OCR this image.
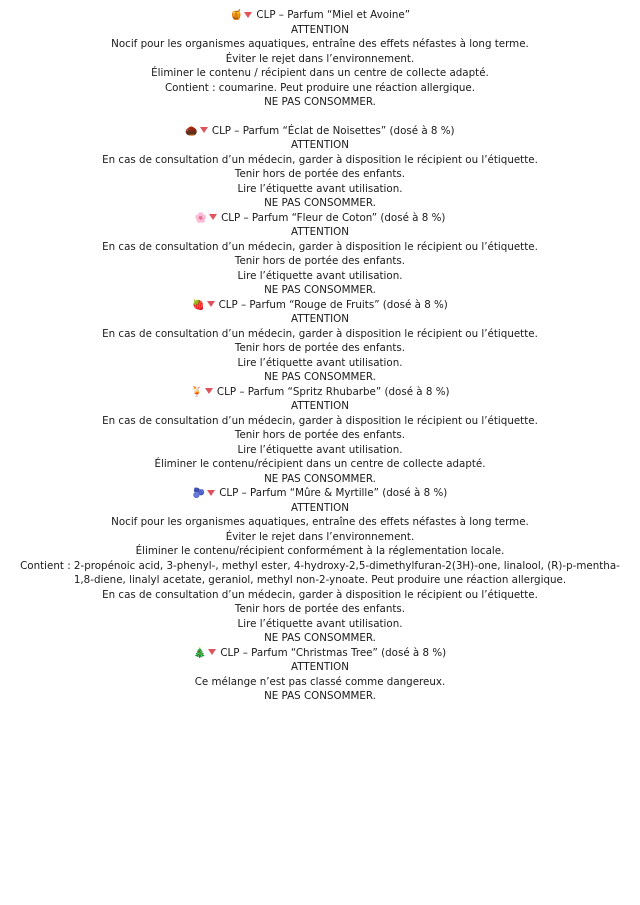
🍯 CLP – Parfum “Miel et Avoine”
ATTENTION
Nocif pour les organismes aquatiques, entraîne des effets néfastes à long terme.
Éviter le rejet dans l’environnement.
Éliminer le contenu / récipient dans un centre de collecte adapté.
Contient : coumarine. Peut produire une réaction allergique.
NE PAS CONSOMMER.
🌰 CLP – Parfum “Éclat de Noisettes” (dosé à 8 %)
ATTENTION
En cas de consultation d’un médecin, garder à disposition le récipient ou l’étiquette.
Tenir hors de portée des enfants.
Lire l’étiquette avant utilisation.
NE PAS CONSOMMER.
🌸 CLP – Parfum “Fleur de Coton” (dosé à 8 %)
ATTENTION
En cas de consultation d’un médecin, garder à disposition le récipient ou l’étiquette.
Tenir hors de portée des enfants.
Lire l’étiquette avant utilisation.
NE PAS CONSOMMER.
🍓 CLP – Parfum “Rouge de Fruits” (dosé à 8 %)
ATTENTION
En cas de consultation d’un médecin, garder à disposition le récipient ou l’étiquette.
Tenir hors de portée des enfants.
Lire l’étiquette avant utilisation.
NE PAS CONSOMMER.
🍹 CLP – Parfum “Spritz Rhubarbe” (dosé à 8 %)
ATTENTION
En cas de consultation d’un médecin, garder à disposition le récipient ou l’étiquette.
Tenir hors de portée des enfants.
Lire l’étiquette avant utilisation.
Éliminer le contenu/récipient dans un centre de collecte adapté.
NE PAS CONSOMMER.
🫐 CLP – Parfum “Mûre & Myrtille” (dosé à 8 %)
ATTENTION
Nocif pour les organismes aquatiques, entraîne des effets néfastes à long terme.
Éviter le rejet dans l’environnement.
Éliminer le contenu/récipient conformément à la réglementation locale.
Contient : 2-propénoic acid, 3-phenyl-, methyl ester, 4-hydroxy-2,5-dimethylfuran-2(3H)-one, linalool, (R)-p-mentha-1,8-diene, linalyl acetate, geraniol, methyl non-2-ynoate. Peut produire une réaction allergique.
En cas de consultation d’un médecin, garder à disposition le récipient ou l’étiquette.
Tenir hors de portée des enfants.
Lire l’étiquette avant utilisation.
NE PAS CONSOMMER.
🎄 CLP – Parfum “Christmas Tree” (dosé à 8 %)
ATTENTION
Ce mélange n’est pas classé comme dangereux.
NE PAS CONSOMMER.
